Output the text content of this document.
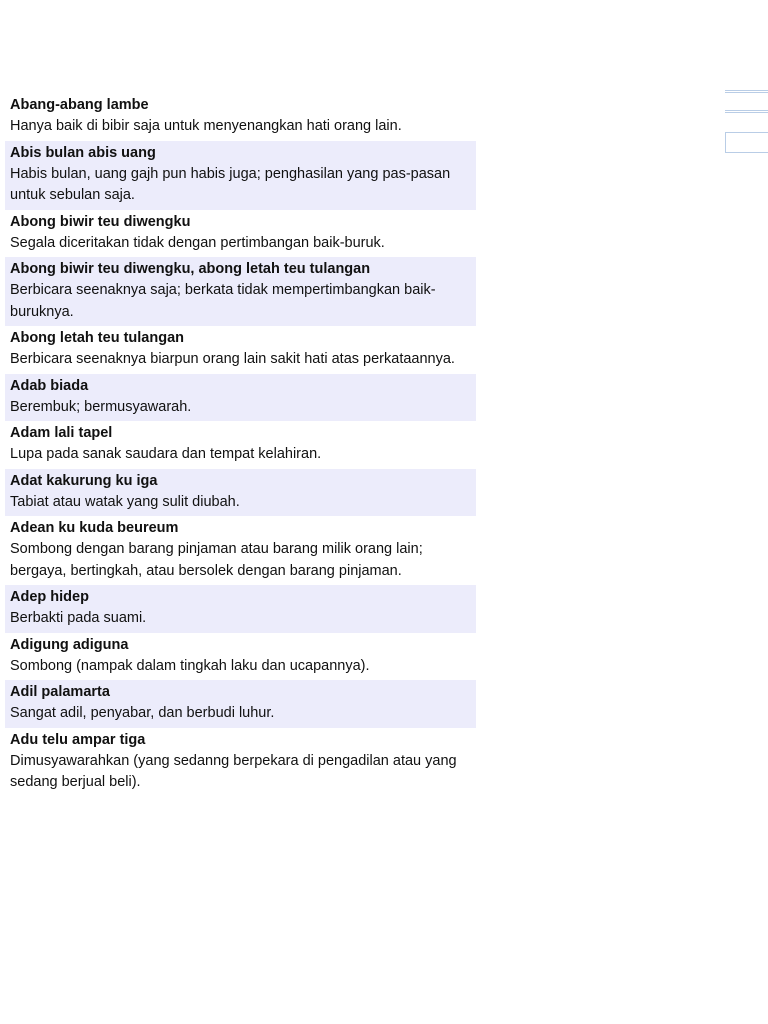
Abang-abang lambe
Hanya baik di bibir saja untuk menyenangkan hati orang lain.
Abis bulan abis uang
Habis bulan, uang gajh pun habis juga; penghasilan yang pas-pasan untuk sebulan saja.
Abong biwir teu diwengku
Segala diceritakan tidak dengan pertimbangan baik-buruk.
Abong biwir teu diwengku, abong letah teu tulangan
Berbicara seenaknya saja; berkata tidak mempertimbangkan baik-buruknya.
Abong letah teu tulangan
Berbicara seenaknya biarpun orang lain sakit hati atas perkataannya.
Adab biada
Berembuk; bermusyawarah.
Adam lali tapel
Lupa pada sanak saudara dan tempat kelahiran.
Adat kakurung ku iga
Tabiat atau watak yang sulit diubah.
Adean ku kuda beureum
Sombong dengan barang pinjaman atau barang milik orang lain; bergaya, bertingkah, atau bersolek dengan barang pinjaman.
Adep hidep
Berbakti pada suami.
Adigung adiguna
Sombong (nampak dalam tingkah laku dan ucapannya).
Adil palamarta
Sangat adil, penyabar, dan berbudi luhur.
Adu telu ampar tiga
Dimusyawarahkan (yang sedanng berpekara di pengadilan atau yang sedang berjual beli).
